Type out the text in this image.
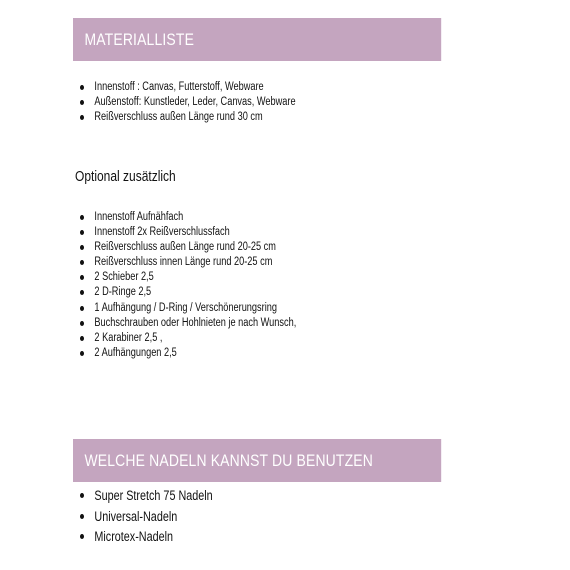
MATERIALLISTE
Innenstoff : Canvas, Futterstoff, Webware
Außenstoff: Kunstleder, Leder, Canvas, Webware
Reißverschluss außen Länge rund 30 cm
Optional zusätzlich
Innenstoff Aufnähfach
Innenstoff 2x Reißverschlussfach
Reißverschluss außen Länge rund 20-25 cm
Reißverschluss innen Länge rund 20-25 cm
2 Schieber 2,5
2 D-Ringe 2,5
1 Aufhängung / D-Ring / Verschönerungsring
Buchschrauben oder Hohlnieten je nach Wunsch,
2 Karabiner 2,5 ,
2 Aufhängungen 2,5
WELCHE NADELN KANNST DU BENUTZEN
Super Stretch 75 Nadeln
Universal-Nadeln
Microtex-Nadeln
